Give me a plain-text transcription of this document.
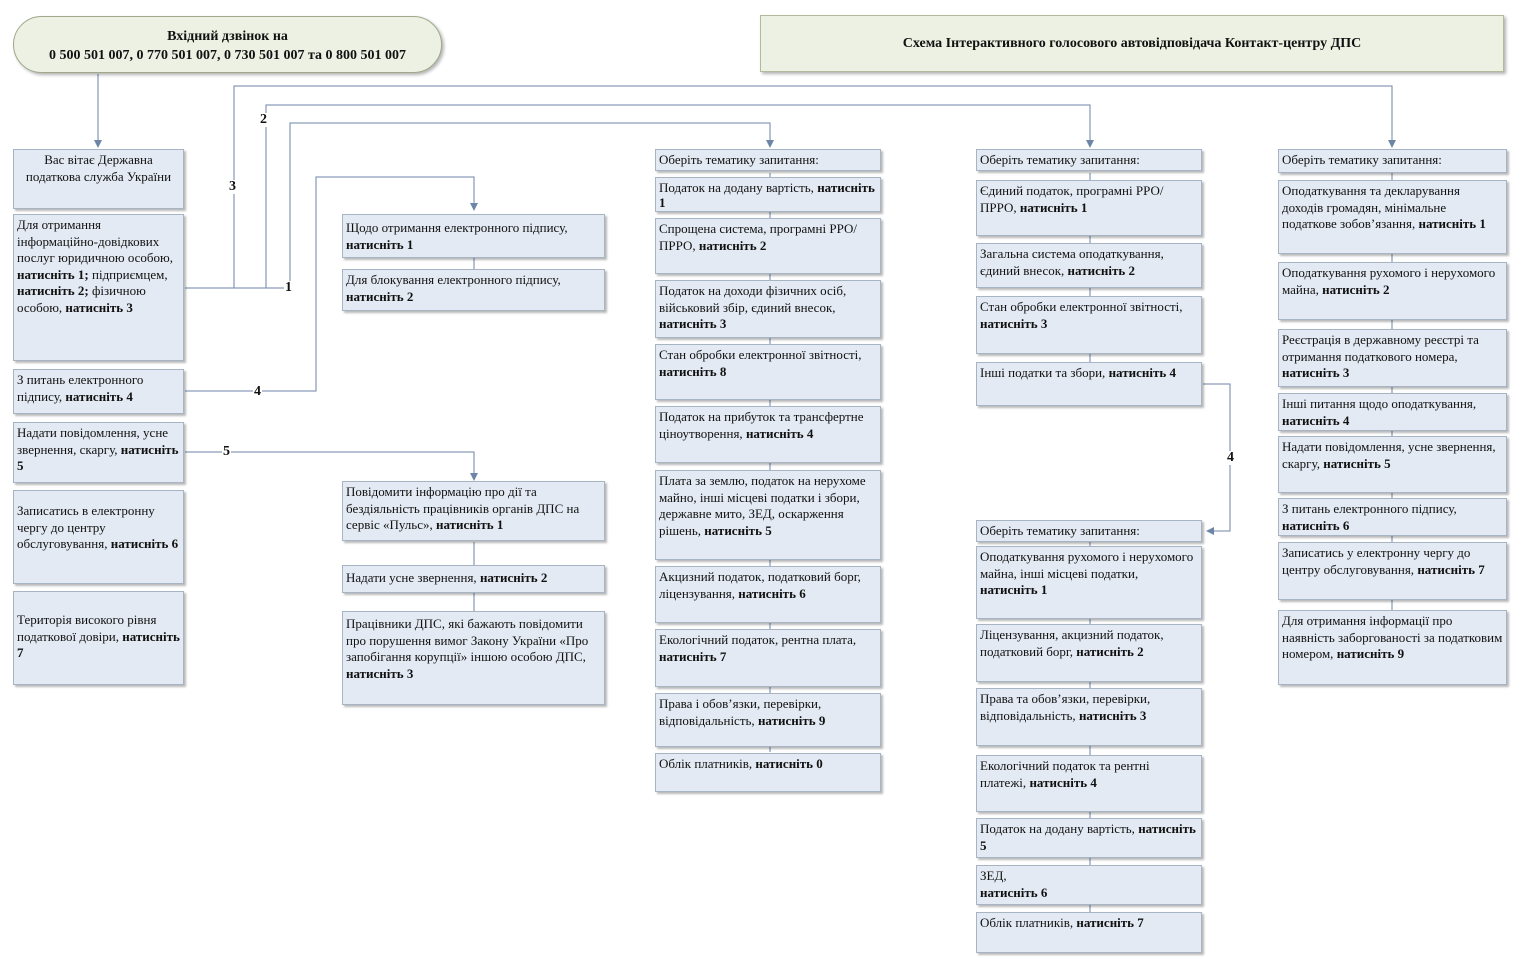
1
2
3
4
5	4
Вхідний дзвінок на
0 500 501 007, 0 770 501 007, 0 730 501 007 та 0 800 501 007
Схема Інтерактивного голосового автовідповідача Контакт-центру ДПС
Вас вітає Державна податкова служба України
Для отримання інформаційно-довідкових послуг юридичною особою, натисніть 1; підприємцем, натисніть 2; фізичною особою, натисніть 3
З питань електронного підпису, натисніть 4
Надати повідомлення, усне звернення, скаргу, натисніть 5
Записатись в електронну чергу до центру обслуговування, натисніть 6
Територія високого рівня податкової довіри, натисніть 7
Щодо отримання електронного підпису, натисніть 1
Для блокування електронного підпису, натисніть 2
Повідомити інформацію про дії та бездіяльність працівників органів ДПС на сервіс «Пульс», натисніть 1
Надати усне звернення, натисніть 2
Працівники ДПС, які бажають повідомити про порушення вимог Закону України «Про запобігання корупції» іншою особою ДПС, натисніть 3
Оберіть тематику запитання:
Податок на додану вартість, натисніть 1
Спрощена система, програмні РРО/ПРРО, натисніть 2
Податок на доходи фізичних осіб, військовий збір, єдиний внесок, натисніть 3
Стан обробки електронної звітності, натисніть 8
Податок на прибуток та трансфертне ціноутворення, натисніть 4
Плата за землю, податок на нерухоме майно, інші місцеві податки і збори, державне мито, ЗЕД, оскарження рішень, натисніть 5
Акцизний податок, податковий борг, ліцензування, натисніть 6
Екологічний податок, рентна плата, натисніть 7
Права і обов’язки, перевірки, відповідальність, натисніть 9
Облік платників, натисніть 0
Оберіть тематику запитання:
Єдиний податок, програмні РРО/ПРРО, натисніть 1
Загальна система оподаткування, єдиний внесок, натисніть 2
Стан обробки електронної звітності, натисніть 3
Інші податки та збори, натисніть 4
Оберіть тематику запитання:
Оподаткування рухомого і нерухомого майна, інші місцеві податки, натисніть 1
Ліцензування, акцизний податок, податковий борг, натисніть 2
Права та обов’язки, перевірки, відповідальність, натисніть 3
Екологічний податок та рентні платежі, натисніть 4
Податок на додану вартість, натисніть 5
ЗЕД,
натисніть 6
Облік платників, натисніть 7
Оберіть тематику запитання:
Оподаткування та декларування доходів громадян, мінімальне податкове зобов’язання, натисніть 1
Оподаткування рухомого і нерухомого майна, натисніть 2
Реєстрація в державному реєстрі та отримання податкового номера, натисніть 3
Інші питання щодо оподаткування, натисніть 4
Надати повідомлення, усне звернення, скаргу, натисніть 5
З питань електронного підпису, натисніть 6
Записатись у електронну чергу до центру обслуговування, натисніть 7
Для отримання інформації про наявність заборгованості за податковим номером, натисніть 9
